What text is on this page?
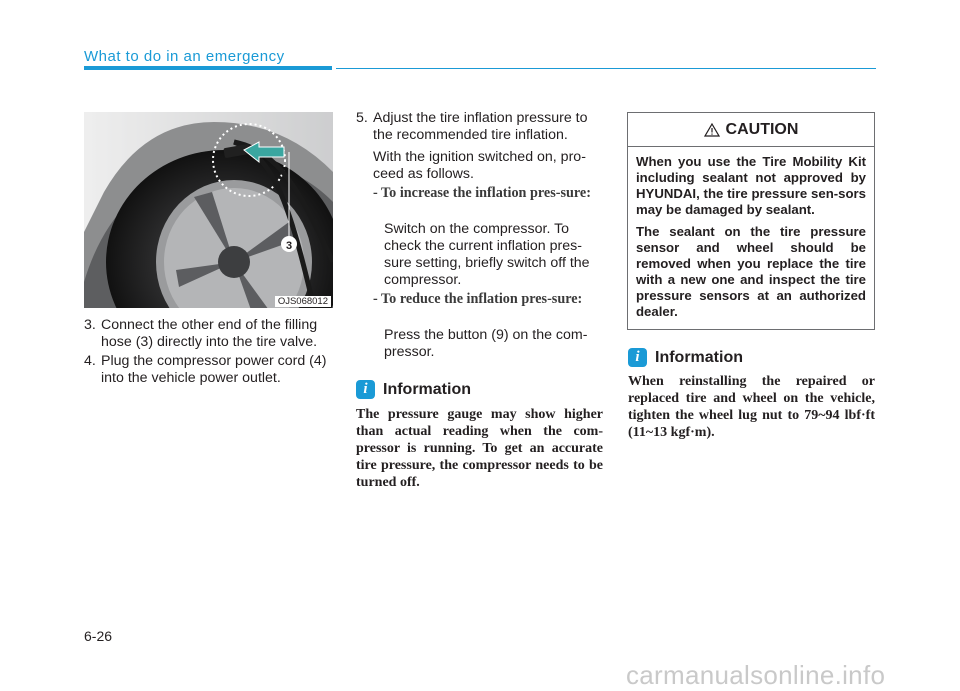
What to do in an emergency
3
OJS068012
3. Connect the other end of the filling hose (3) directly into the tire valve.
4. Plug the compressor power cord (4) into the vehicle power outlet.
5. Adjust the tire inflation pressure to the recommended tire inflation.
With the ignition switched on, pro-ceed as follows.
- To increase the inflation pres-sure:
Switch on the compressor. To check the current inflation pres-sure setting, briefly switch off the compressor.
- To reduce the inflation pres-sure:
Press the button (9) on the com-pressor.
i Information
The pressure gauge may show higher than actual reading when the com-pressor is running. To get an accurate tire pressure, the compressor needs to be turned off.
CAUTION

When you use the Tire Mobility Kit including sealant not approved by HYUNDAI, the tire pressure sen-sors may be damaged by sealant.

The sealant on the tire pressure sensor and wheel should be removed when you replace the tire with a new one and inspect the tire pressure sensors at an authorized dealer.

i Information
When reinstalling the repaired or replaced tire and wheel on the vehicle, tighten the wheel lug nut to 79~94 lbf·ft (11~13 kgf·m).
6-26
carmanualsonline.info
